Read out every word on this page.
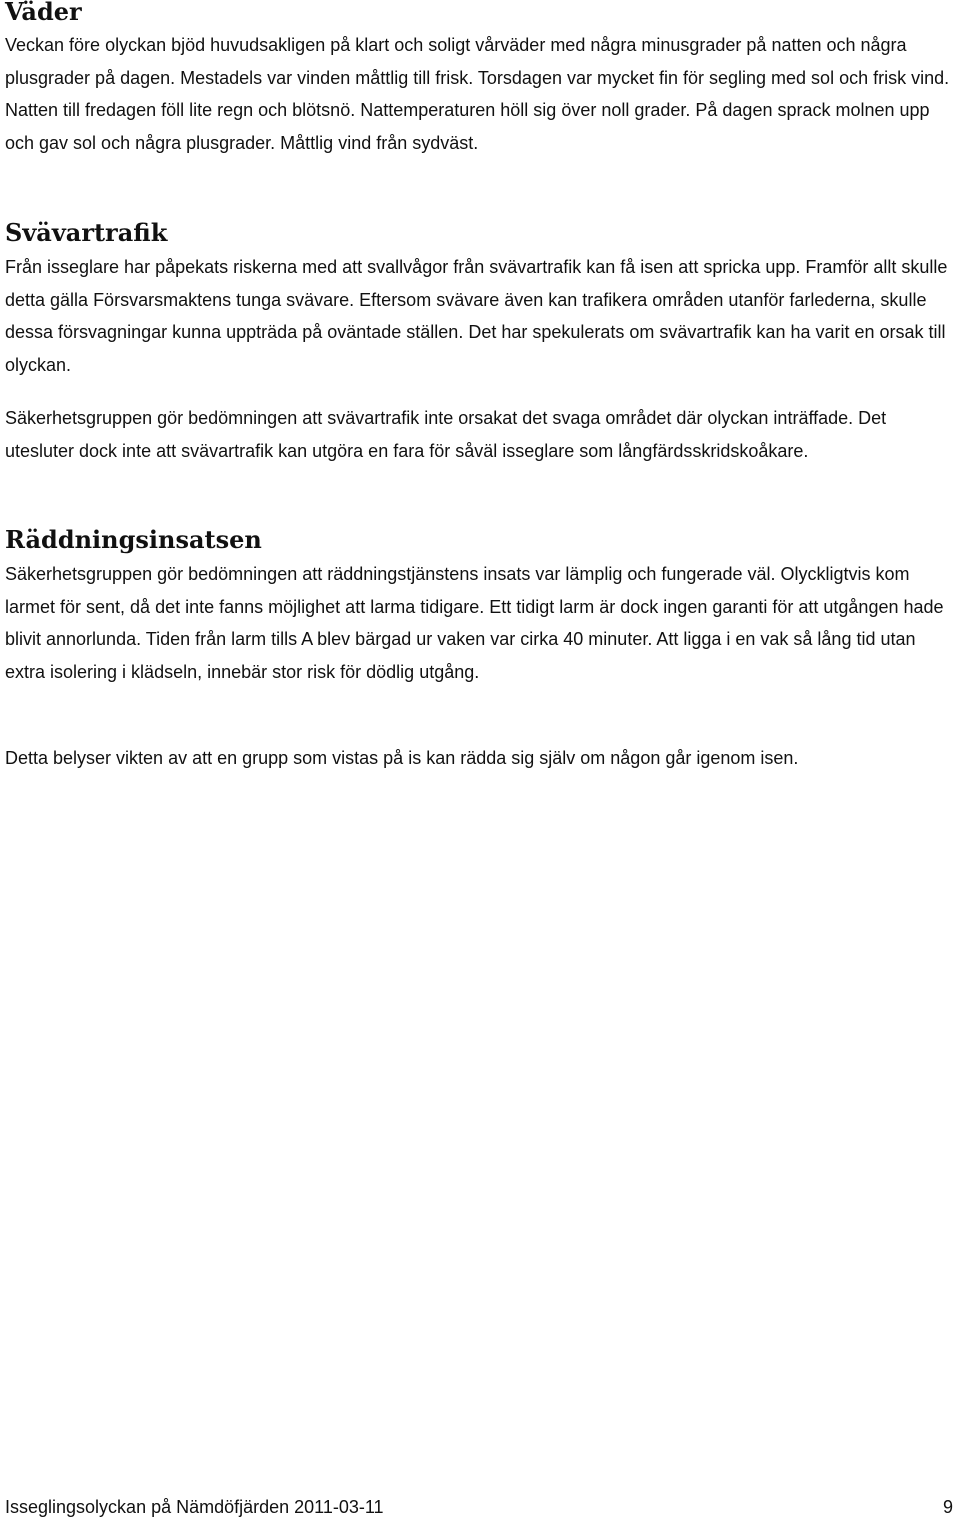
Väder

Veckan före olyckan bjöd huvudsakligen på klart och soligt vårväder med några minusgrader på natten och några plusgrader på dagen. Mestadels var vinden måttlig till frisk. Torsdagen var mycket fin för segling med sol och frisk vind. Natten till fredagen föll lite regn och blötsnö. Nattemperaturen höll sig över noll grader. På dagen sprack molnen upp och gav sol och några plusgrader. Måttlig vind från sydväst.

Svävartrafik

Från isseglare har påpekats riskerna med att svallvågor från svävartrafik kan få isen att spricka upp. Framför allt skulle detta gälla Försvarsmaktens tunga svävare. Eftersom svävare även kan trafikera områden utanför farlederna, skulle dessa försvagningar kunna uppträda på oväntade ställen. Det har spekulerats om svävartrafik kan ha varit en orsak till olyckan.

Säkerhetsgruppen gör bedömningen att svävartrafik inte orsakat det svaga området där olyckan inträffade. Det utesluter dock inte att svävartrafik kan utgöra en fara för såväl isseglare som långfärdsskridskoåkare.

Räddningsinsatsen

Säkerhetsgruppen gör bedömningen att räddningstjänstens insats var lämplig och fungerade väl. Olyckligtvis kom larmet för sent, då det inte fanns möjlighet att larma tidigare. Ett tidigt larm är dock ingen garanti för att utgången hade blivit annorlunda. Tiden från larm tills A blev bärgad ur vaken var cirka 40 minuter. Att ligga i en vak så lång tid utan extra isolering i klädseln, innebär stor risk för dödlig utgång.

Detta belyser vikten av att en grupp som vistas på is kan rädda sig själv om någon går igenom isen.

Isseglingsolyckan på Nämdöfjärden 2011-03-11	9
